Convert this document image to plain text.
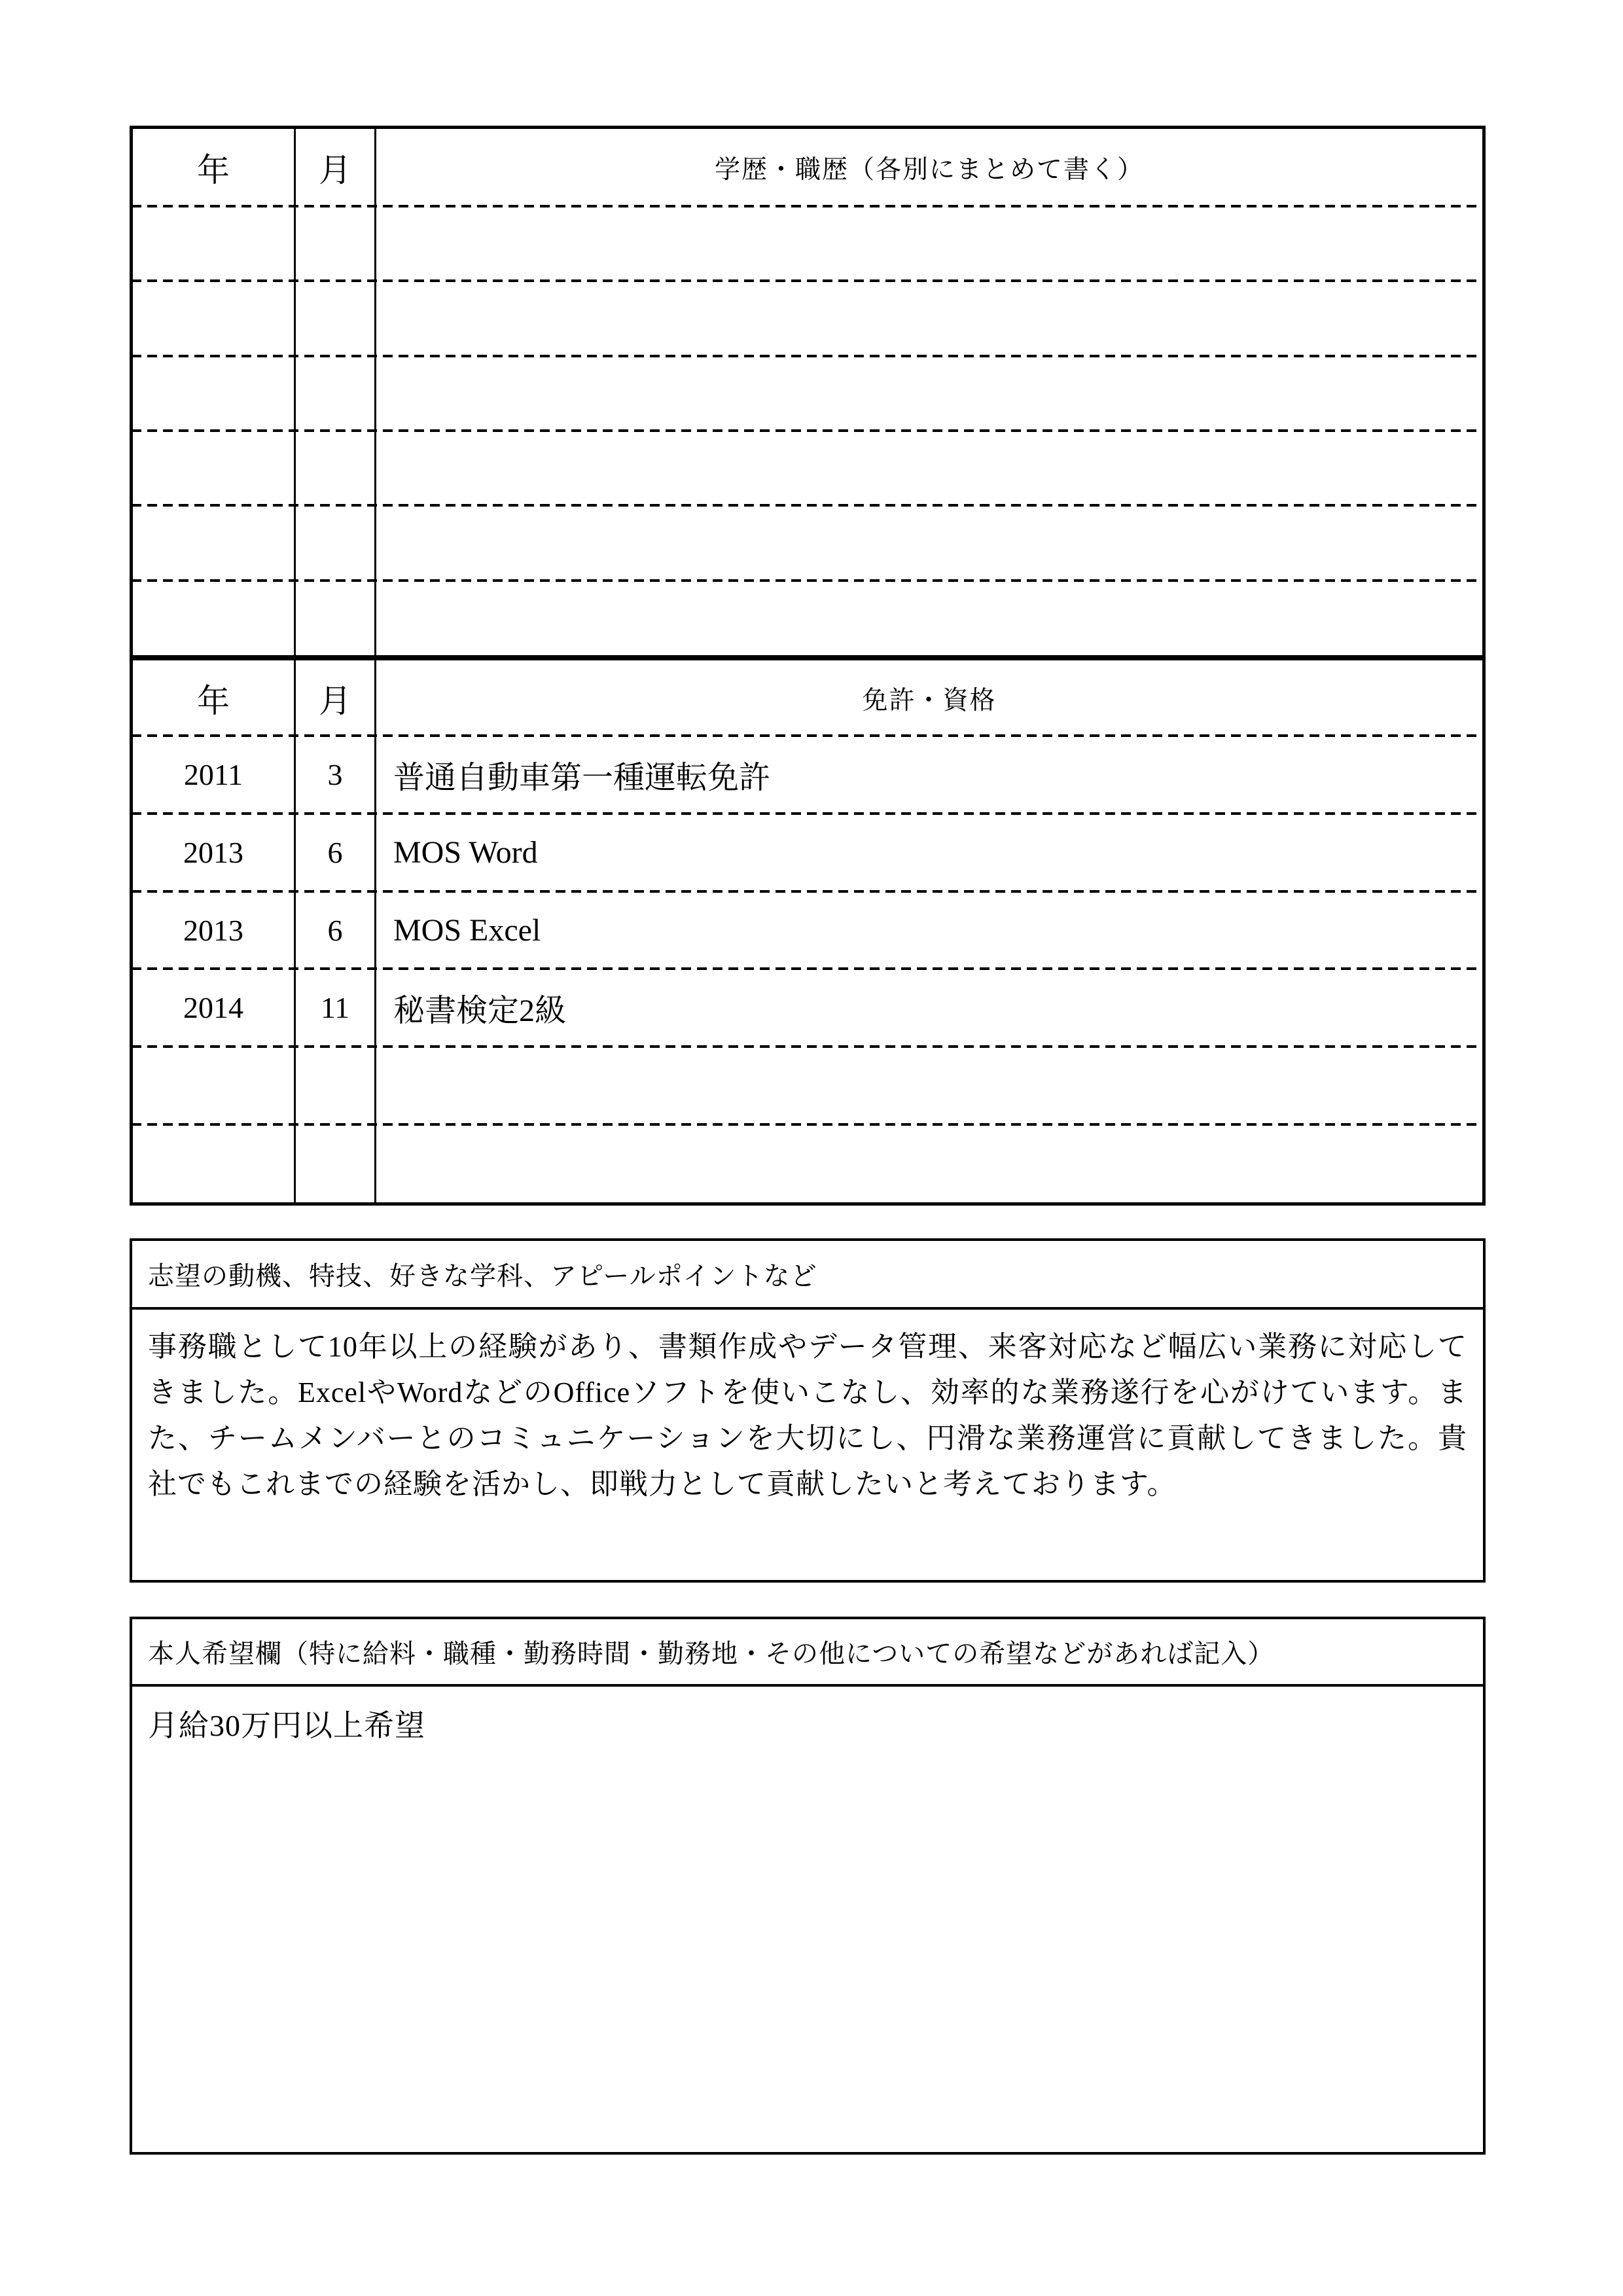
年	月	学歴・職歴（各別にまとめて書く）
年	月	免許・資格
2011	3 普通自動車第一種運転免許
2013	6 MOS Word
2013	6 MOS Excel
2014	11 秘書検定2級
志望の動機、特技、好きな学科、アピールポイントなど
事務職として10年以上の経験があり、書類作成やデータ管理、来客対応など幅広い業務に対応してきました。ExcelやWordなどのOfficeソフトを使いこなし、効率的な業務遂行を心がけています。また、チームメンバーとのコミュニケーションを大切にし、円滑な業務運営に貢献してきました。貴社でもこれまでの経験を活かし、即戦力として貢献したいと考えております。
本人希望欄（特に給料・職種・勤務時間・勤務地・その他についての希望などがあれば記入）
月給30万円以上希望
